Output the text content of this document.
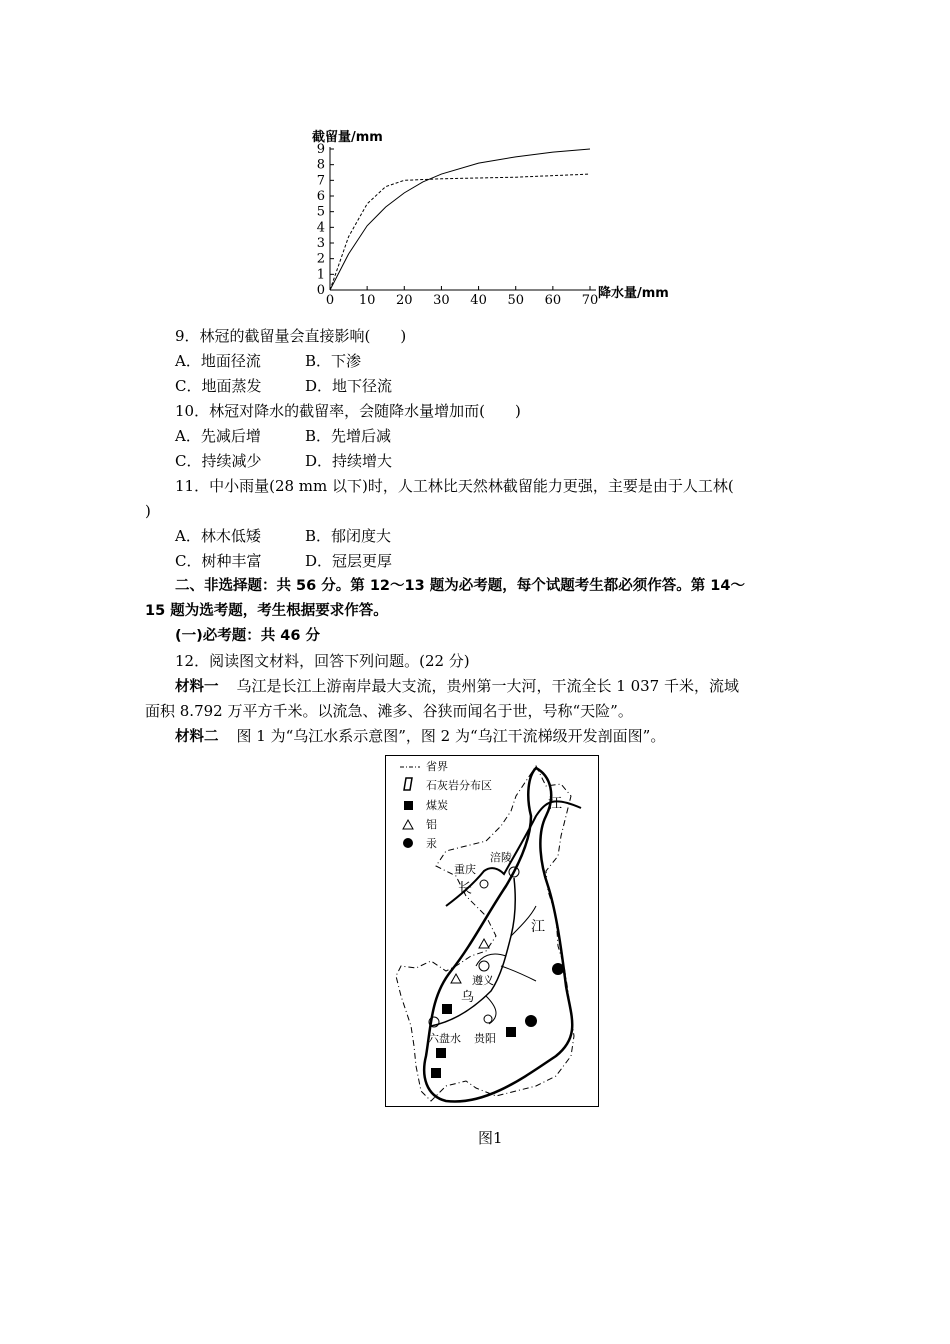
截留量/mm
降水量/mm
0
1
2
3
4
5
6
7
8
9
0 10 20 30 40 50 60 70
9．林冠的截留量会直接影响(　　)
A．地面径流	B．下渗
C．地面蒸发	D．地下径流
10．林冠对降水的截留率，会随降水量增加而(　　)
A．先减后增	B．先增后减
C．持续减少	D．持续增大
11．中小雨量(28 mm 以下)时，人工林比天然林截留能力更强，主要是由于人工林(
)
A．林木低矮	B．郁闭度大
C．树种丰富	D．冠层更厚
二、非选择题：共 56 分。第 12～13 题为必考题，每个试题考生都必须作答。第 14～
15 题为选考题，考生根据要求作答。
(一)必考题：共 46 分
12．阅读图文材料，回答下列问题。(22 分)
材料一 乌江是长江上游南岸最大支流，贵州第一大河，干流全长 1 037 千米，流域
面积 8.792 万平方千米。以流急、滩多、谷狭而闻名于世，号称“天险”。
材料二 图 1 为“乌江水系示意图”，图 2 为“乌江干流梯级开发剖面图”。
省界
石灰岩分布区
煤炭
铝
汞
江
涪陵
重庆
长
江
遵义
乌
六盘水 贵阳
图1
